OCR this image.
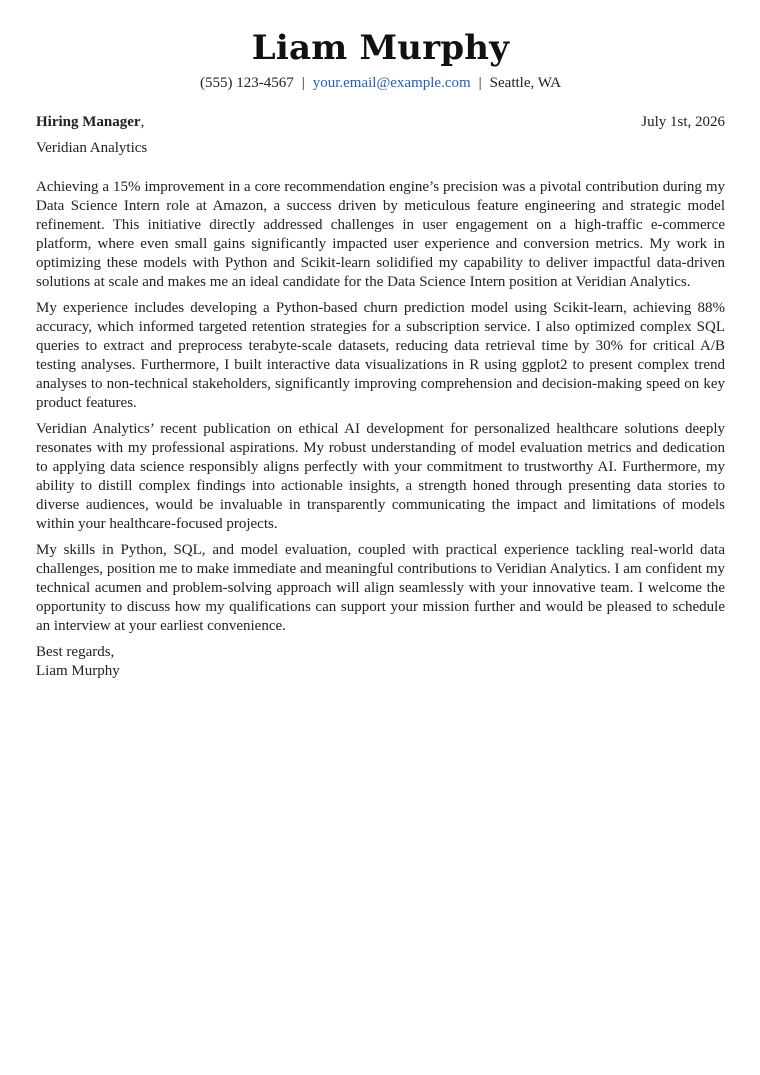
Liam Murphy
(555) 123-4567 | your.email@example.com | Seattle, WA
Hiring Manager,	July 1st, 2026
Veridian Analytics

Achieving a 15% improvement in a core recommendation engine’s precision was a pivotal contribution during my Data Science Intern role at Amazon, a success driven by meticulous feature engineering and strategic model refinement. This initiative directly addressed challenges in user engagement on a high-traffic e-commerce platform, where even small gains significantly impacted user experience and conversion metrics. My work in optimizing these models with Python and Scikit-learn solidified my capability to deliver impactful data-driven solutions at scale and makes me an ideal candidate for the Data Science Intern position at Veridian Analytics.

My experience includes developing a Python-based churn prediction model using Scikit-learn, achieving 88% accuracy, which informed targeted retention strategies for a subscription service. I also optimized complex SQL queries to extract and preprocess terabyte-scale datasets, reducing data retrieval time by 30% for critical A/B testing analyses. Furthermore, I built interactive data visualizations in R using ggplot2 to present complex trend analyses to non-technical stakeholders, significantly improving comprehension and decision-making speed on key product features.

Veridian Analytics’ recent publication on ethical AI development for personalized healthcare solutions deeply resonates with my professional aspirations. My robust understanding of model evaluation metrics and dedication to applying data science responsibly aligns perfectly with your commitment to trustworthy AI. Furthermore, my ability to distill complex findings into actionable insights, a strength honed through presenting data stories to diverse audiences, would be invaluable in transparently communicating the impact and limitations of models within your healthcare-focused projects.

My skills in Python, SQL, and model evaluation, coupled with practical experience tackling real-world data challenges, position me to make immediate and meaningful contributions to Veridian Analytics. I am confident my technical acumen and problem-solving approach will align seamlessly with your innovative team. I welcome the opportunity to discuss how my qualifications can support your mission further and would be pleased to schedule an interview at your earliest convenience.

Best regards,
Liam Murphy
